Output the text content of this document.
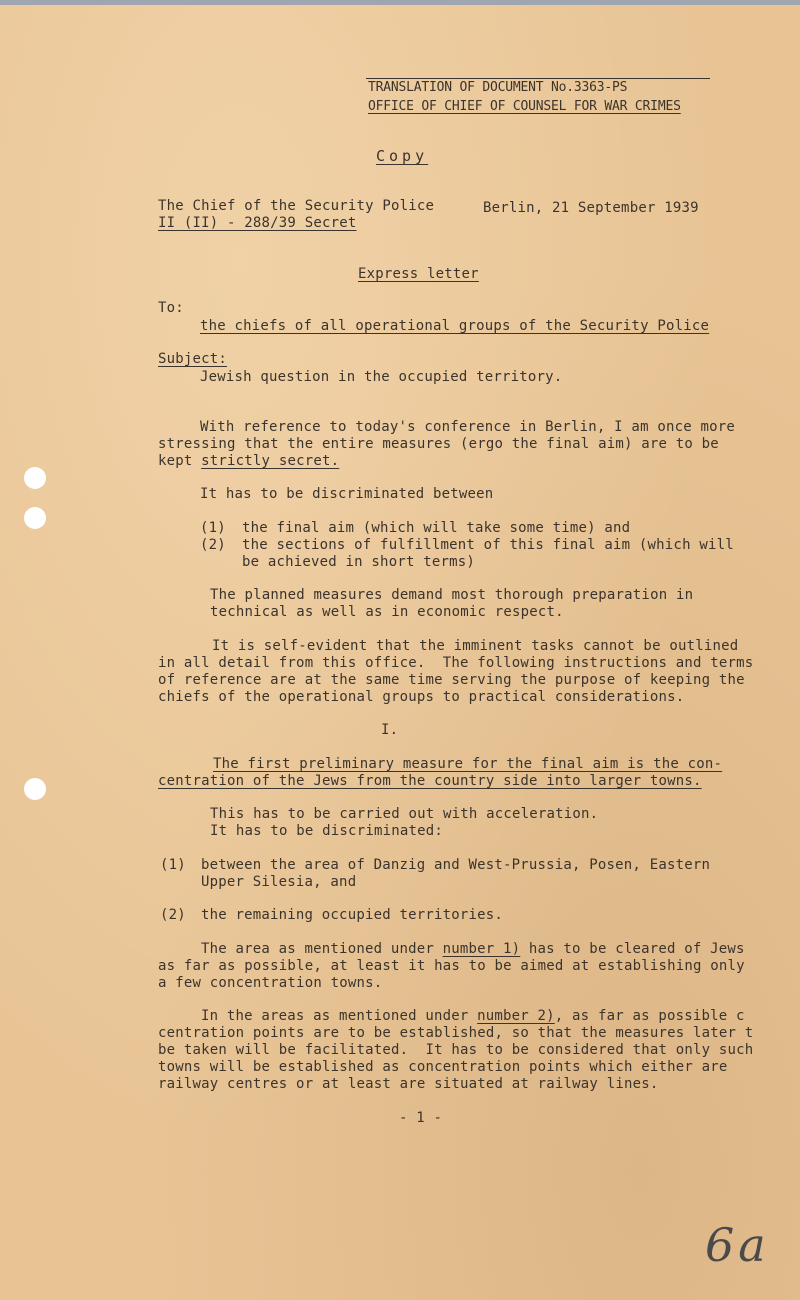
TRANSLATION OF DOCUMENT No.3363-PS
OFFICE OF CHIEF OF COUNSEL FOR WAR CRIMES
Copy
The Chief of the Security Police
II (II) - 288/39 Secret
Berlin, 21 September 1939
Express letter
To:
the chiefs of all operational groups of the Security Police
Subject:
Jewish question in the occupied territory.
With reference to today's conference in Berlin, I am once more
stressing that the entire measures (ergo the final aim) are to be
kept strictly secret.
It has to be discriminated between
(1) the final aim (which will take some time) and
(2) the sections of fulfillment of this final aim (which will
be achieved in short terms)
The planned measures demand most thorough preparation in
technical as well as in economic respect.
It is self-evident that the imminent tasks cannot be outlined
in all detail from this office.  The following instructions and terms
of reference are at the same time serving the purpose of keeping the
chiefs of the operational groups to practical considerations.
I.
The first preliminary measure for the final aim is the con-
centration of the Jews from the country side into larger towns.
This has to be carried out with acceleration.
It has to be discriminated:
(1) between the area of Danzig and West-Prussia, Posen, Eastern
Upper Silesia, and
(2) the remaining occupied territories.
The area as mentioned under number 1) has to be cleared of Jews
as far as possible, at least it has to be aimed at establishing only
a few concentration towns.
In the areas as mentioned under number 2), as far as possible c
centration points are to be established, so that the measures later t
be taken will be facilitated.  It has to be considered that only such
towns will be established as concentration points which either are
railway centres or at least are situated at railway lines.
- 1 -
6a
